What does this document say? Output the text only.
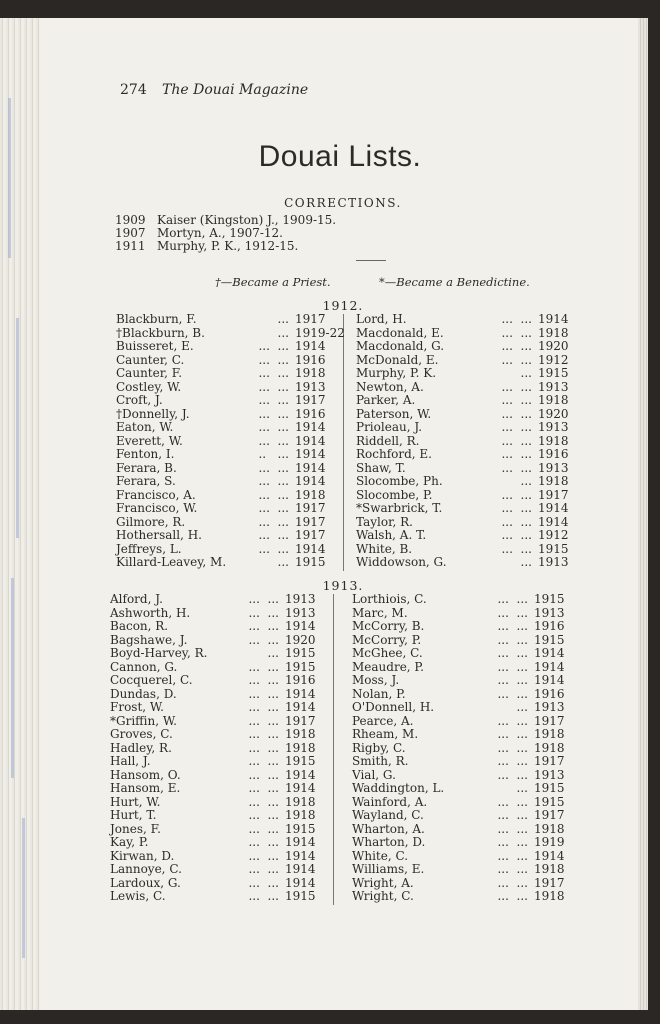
274 The Douai Magazine
Douai Lists.
CORRECTIONS.
1909 Kaiser (Kingston) J., 1909-15.
1907 Mortyn, A., 1907-12.
1911 Murphy, P. K., 1912-15.
†—Became a Priest.	*—Became a Benedictine.
1912.
Blackburn, F.	... 1917
†Blackburn, B.	... 1919-22
Buisseret, E.	...  ... 1914
Caunter, C.	...  ... 1916
Caunter, F.	...  ... 1918
Costley, W.	...  ... 1913
Croft, J.	...  ... 1917
†Donnelly, J.	...  ... 1916
Eaton, W.	...  ... 1914
Everett, W.	...  ... 1914
Fenton, I.	..   ... 1914
Ferara, B.	...  ... 1914
Ferara, S.	...  ... 1914
Francisco, A.	...  ... 1918
Francisco, W.	...  ... 1917
Gilmore, R.	...  ... 1917
Hothersall, H.	...  ... 1917
Jeffreys, L.	...  ... 1914
Killard-Leavey, M.	... 1915
Lord, H.	...  ... 1914
Macdonald, E.	...  ... 1918
Macdonald, G.	...  ... 1920
McDonald, E.	...  ... 1912
Murphy, P. K.	... 1915
Newton, A.	...  ... 1913
Parker, A.	...  ... 1918
Paterson, W.	...  ... 1920
Prioleau, J.	...  ... 1913
Riddell, R.	...  ... 1918
Rochford, E.	...  ... 1916
Shaw, T.	...  ... 1913
Slocombe, Ph.	... 1918
Slocombe, P.	...  ... 1917
*Swarbrick, T.	...  ... 1914
Taylor, R.	...  ... 1914
Walsh, A. T.	...  ... 1912
White, B.	...  ... 1915
Widdowson, G.	... 1913
1913.
Alford, J.	...  ... 1913
Ashworth, H.	...  ... 1913
Bacon, R.	...  ... 1914
Bagshawe, J.	...  ... 1920
Boyd-Harvey, R.	... 1915
Cannon, G.	...  ... 1915
Cocquerel, C.	...  ... 1916
Dundas, D.	...  ... 1914
Frost, W.	...  ... 1914
*Griffin, W.	...  ... 1917
Groves, C.	...  ... 1918
Hadley, R.	...  ... 1918
Hall, J.	...  ... 1915
Hansom, O.	...  ... 1914
Hansom, E.	...  ... 1914
Hurt, W.	...  ... 1918
Hurt, T.	...  ... 1918
Jones, F.	...  ... 1915
Kay, P.	...  ... 1914
Kirwan, D.	...  ... 1914
Lannoye, C.	...  ... 1914
Lardoux, G.	...  ... 1914
Lewis, C.	...  ... 1915
Lorthiois, C.	...  ... 1915
Marc, M.	...  ... 1913
McCorry, B.	...  ... 1916
McCorry, P.	...  ... 1915
McGhee, C.	...  ... 1914
Meaudre, P.	...  ... 1914
Moss, J.	...  ... 1914
Nolan, P.	...  ... 1916
O'Donnell, H.	... 1913
Pearce, A.	...  ... 1917
Rheam, M.	...  ... 1918
Rigby, C.	...  ... 1918
Smith, R.	...  ... 1917
Vial, G.	...  ... 1913
Waddington, L.	... 1915
Wainford, A.	...  ... 1915
Wayland, C.	...  ... 1917
Wharton, A.	...  ... 1918
Wharton, D.	...  ... 1919
White, C.	...  ... 1914
Williams, E.	...  ... 1918
Wright, A.	...  ... 1917
Wright, C.	...  ... 1918
